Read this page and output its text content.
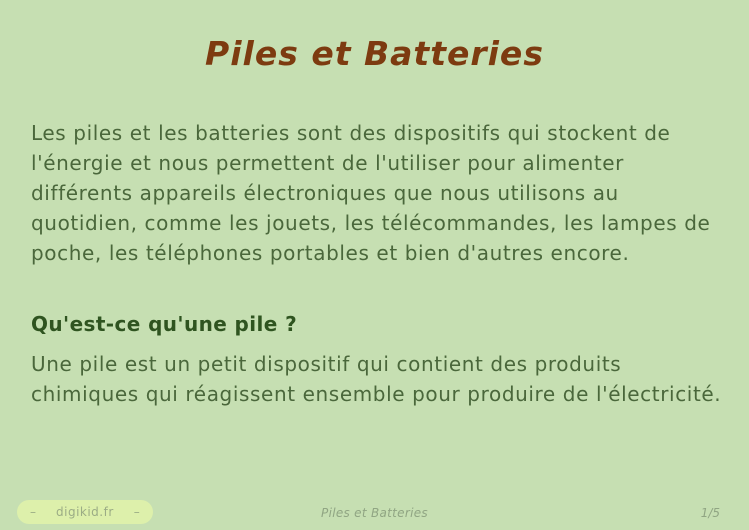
Piles et Batteries

Les piles et les batteries sont des dispositifs qui stockent de l'énergie et nous permettent de l'utiliser pour alimenter différents appareils électroniques que nous utilisons au quotidien, comme les jouets, les télécommandes, les lampes de poche, les téléphones portables et bien d'autres encore.

Qu'est-ce qu'une pile ?

Une pile est un petit dispositif qui contient des produits chimiques qui réagissent ensemble pour produire de l'électricité.

– digikid.fr –	Piles et Batteries	1/5
